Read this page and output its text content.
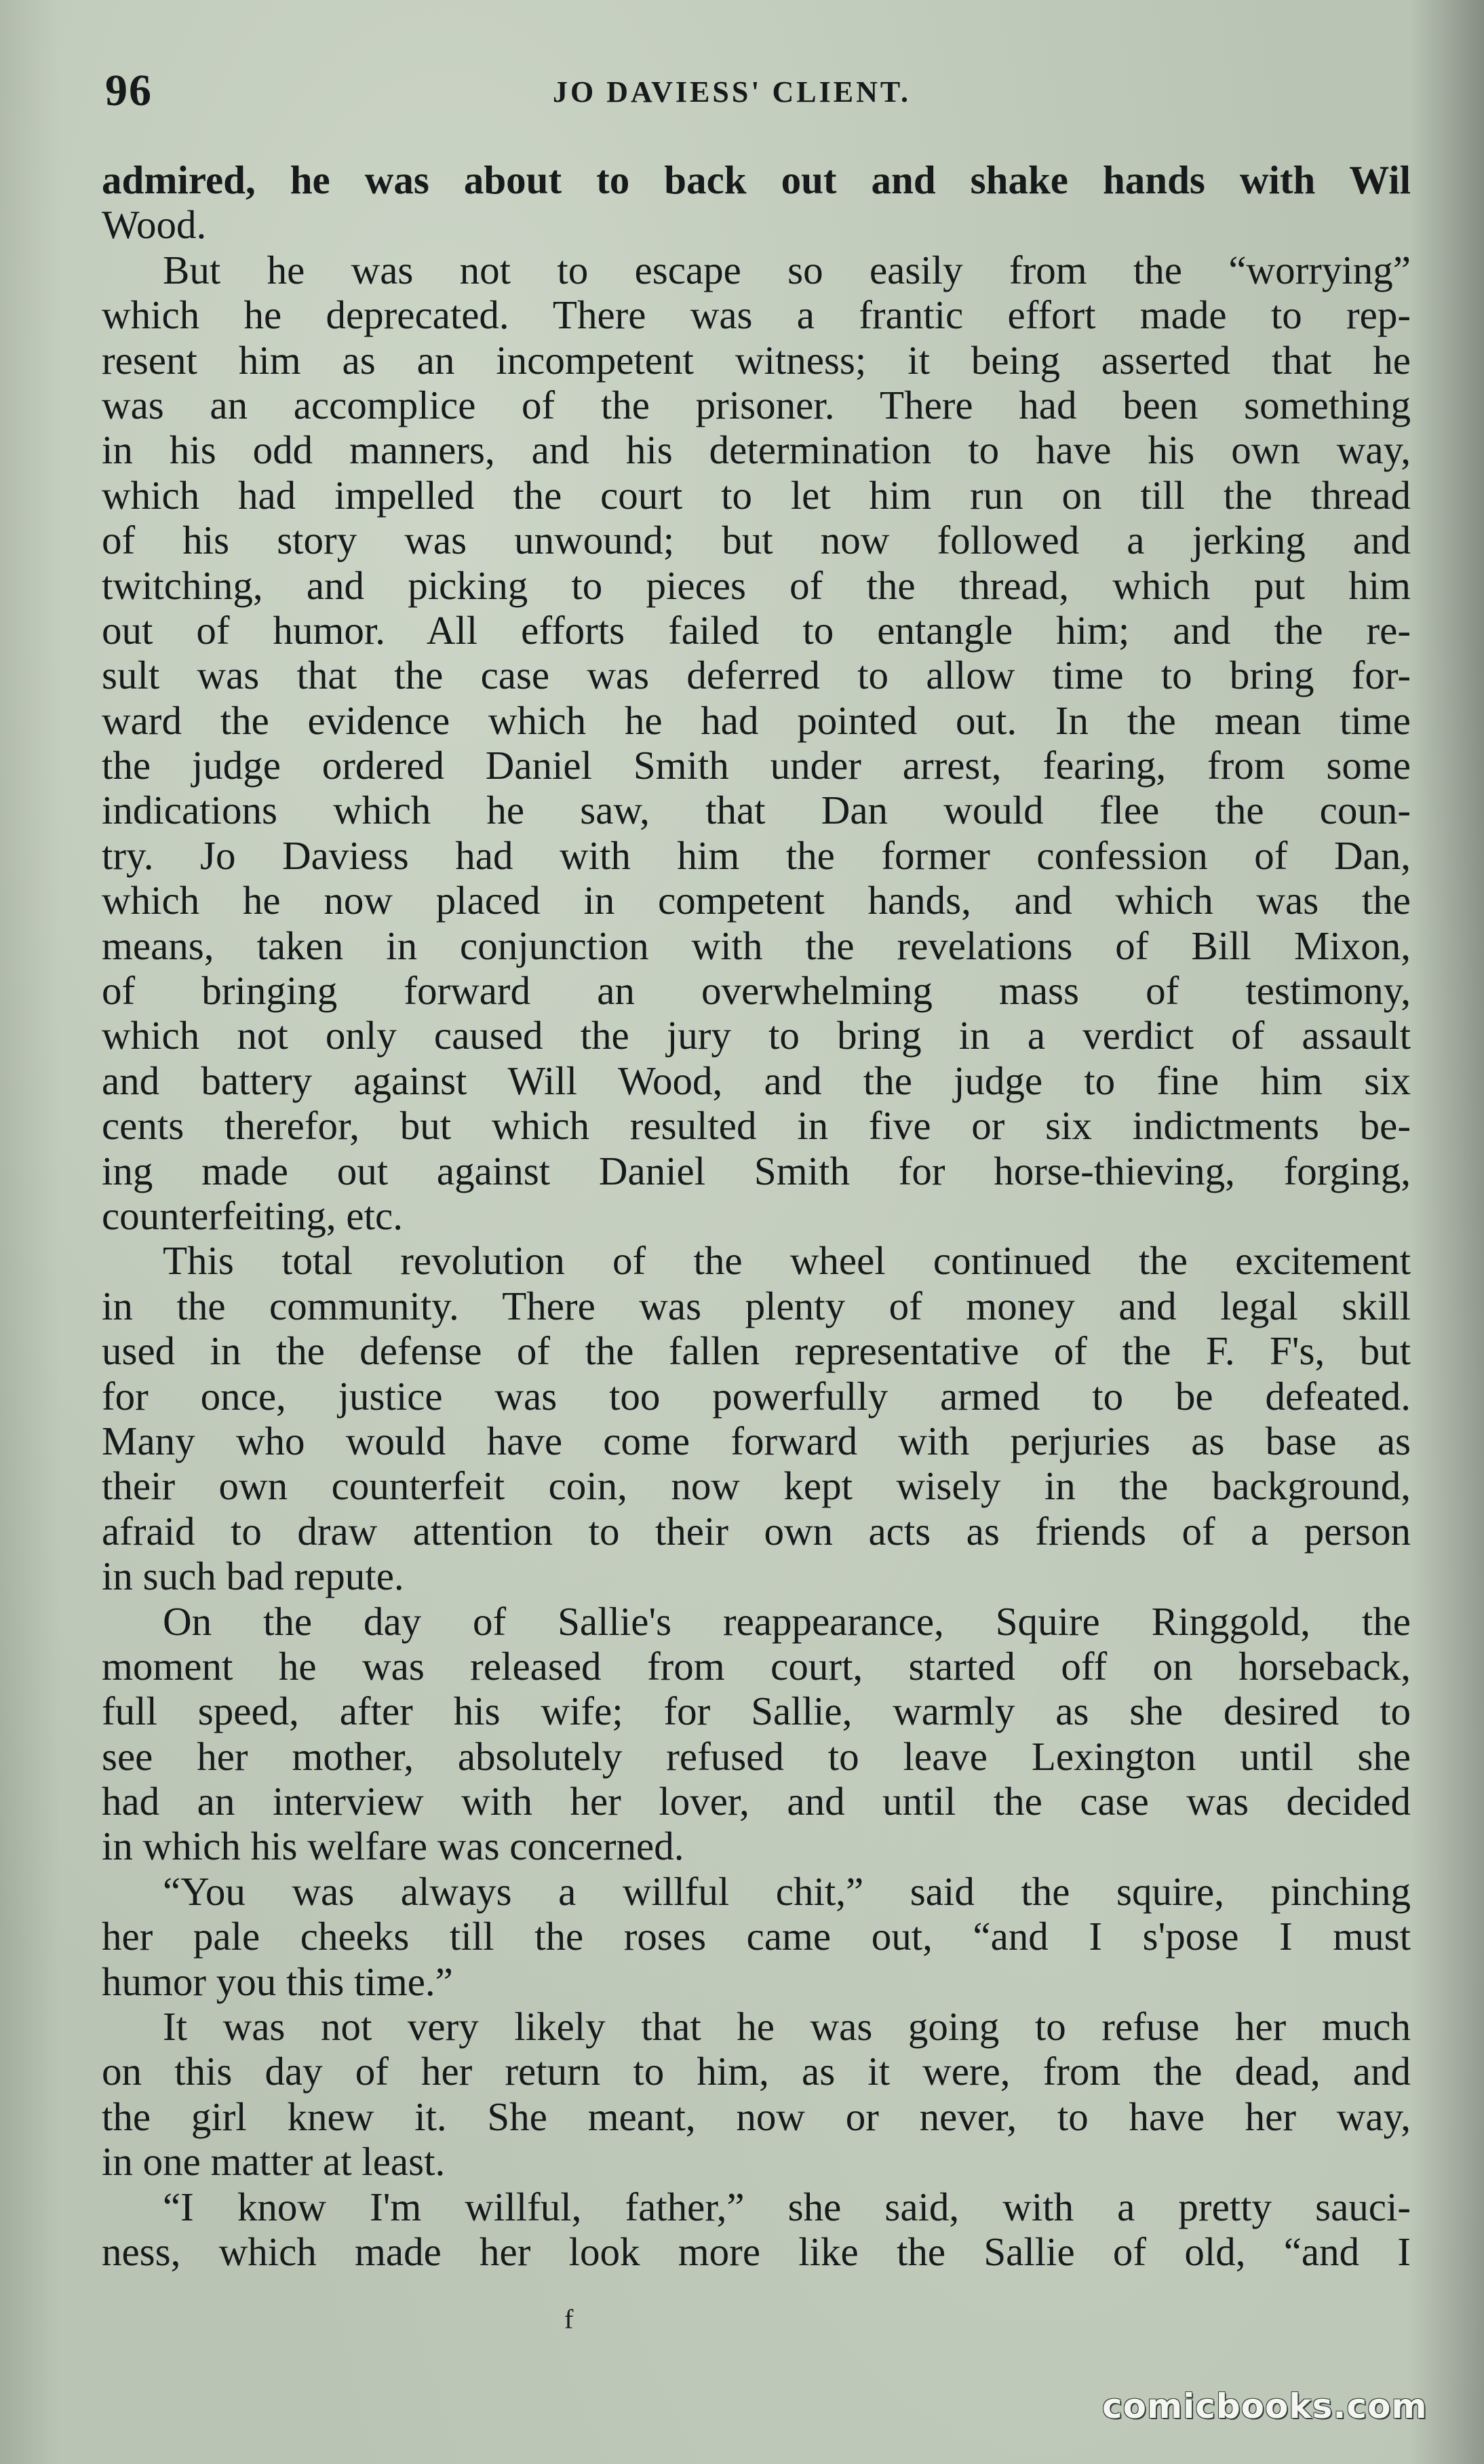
96	JO DAVIESS' CLIENT.
admired, he was about to back out and shake hands with Wil
Wood.
But he was not to escape so easily from the “worrying”
which he deprecated. There was a frantic effort made to rep-
resent him as an incompetent witness; it being asserted that he
was an accomplice of the prisoner. There had been something
in his odd manners, and his determination to have his own way,
which had impelled the court to let him run on till the thread
of his story was unwound; but now followed a jerking and
twitching, and picking to pieces of the thread, which put him
out of humor. All efforts failed to entangle him; and the re-
sult was that the case was deferred to allow time to bring for-
ward the evidence which he had pointed out. In the mean time
the judge ordered Daniel Smith under arrest, fearing, from some
indications which he saw, that Dan would flee the coun-
try. Jo Daviess had with him the former confession of Dan,
which he now placed in competent hands, and which was the
means, taken in conjunction with the revelations of Bill Mixon,
of bringing forward an overwhelming mass of testimony,
which not only caused the jury to bring in a verdict of assault
and battery against Will Wood, and the judge to fine him six
cents therefor, but which resulted in five or six indictments be-
ing made out against Daniel Smith for horse-thieving, forging,
counterfeiting, etc.
This total revolution of the wheel continued the excitement
in the community. There was plenty of money and legal skill
used in the defense of the fallen representative of the F. F's, but
for once, justice was too powerfully armed to be defeated.
Many who would have come forward with perjuries as base as
their own counterfeit coin, now kept wisely in the background,
afraid to draw attention to their own acts as friends of a person
in such bad repute.
On the day of Sallie's reappearance, Squire Ringgold, the
moment he was released from court, started off on horseback,
full speed, after his wife; for Sallie, warmly as she desired to
see her mother, absolutely refused to leave Lexington until she
had an interview with her lover, and until the case was decided
in which his welfare was concerned.
“You was always a willful chit,” said the squire, pinching
her pale cheeks till the roses came out, “and I s'pose I must
humor you this time.”
It was not very likely that he was going to refuse her much
on this day of her return to him, as it were, from the dead, and
the girl knew it. She meant, now or never, to have her way,
in one matter at least.
“I know I'm willful, father,” she said, with a pretty sauci-
ness, which made her look more like the Sallie of old, “and I
f
comicbooks.com
